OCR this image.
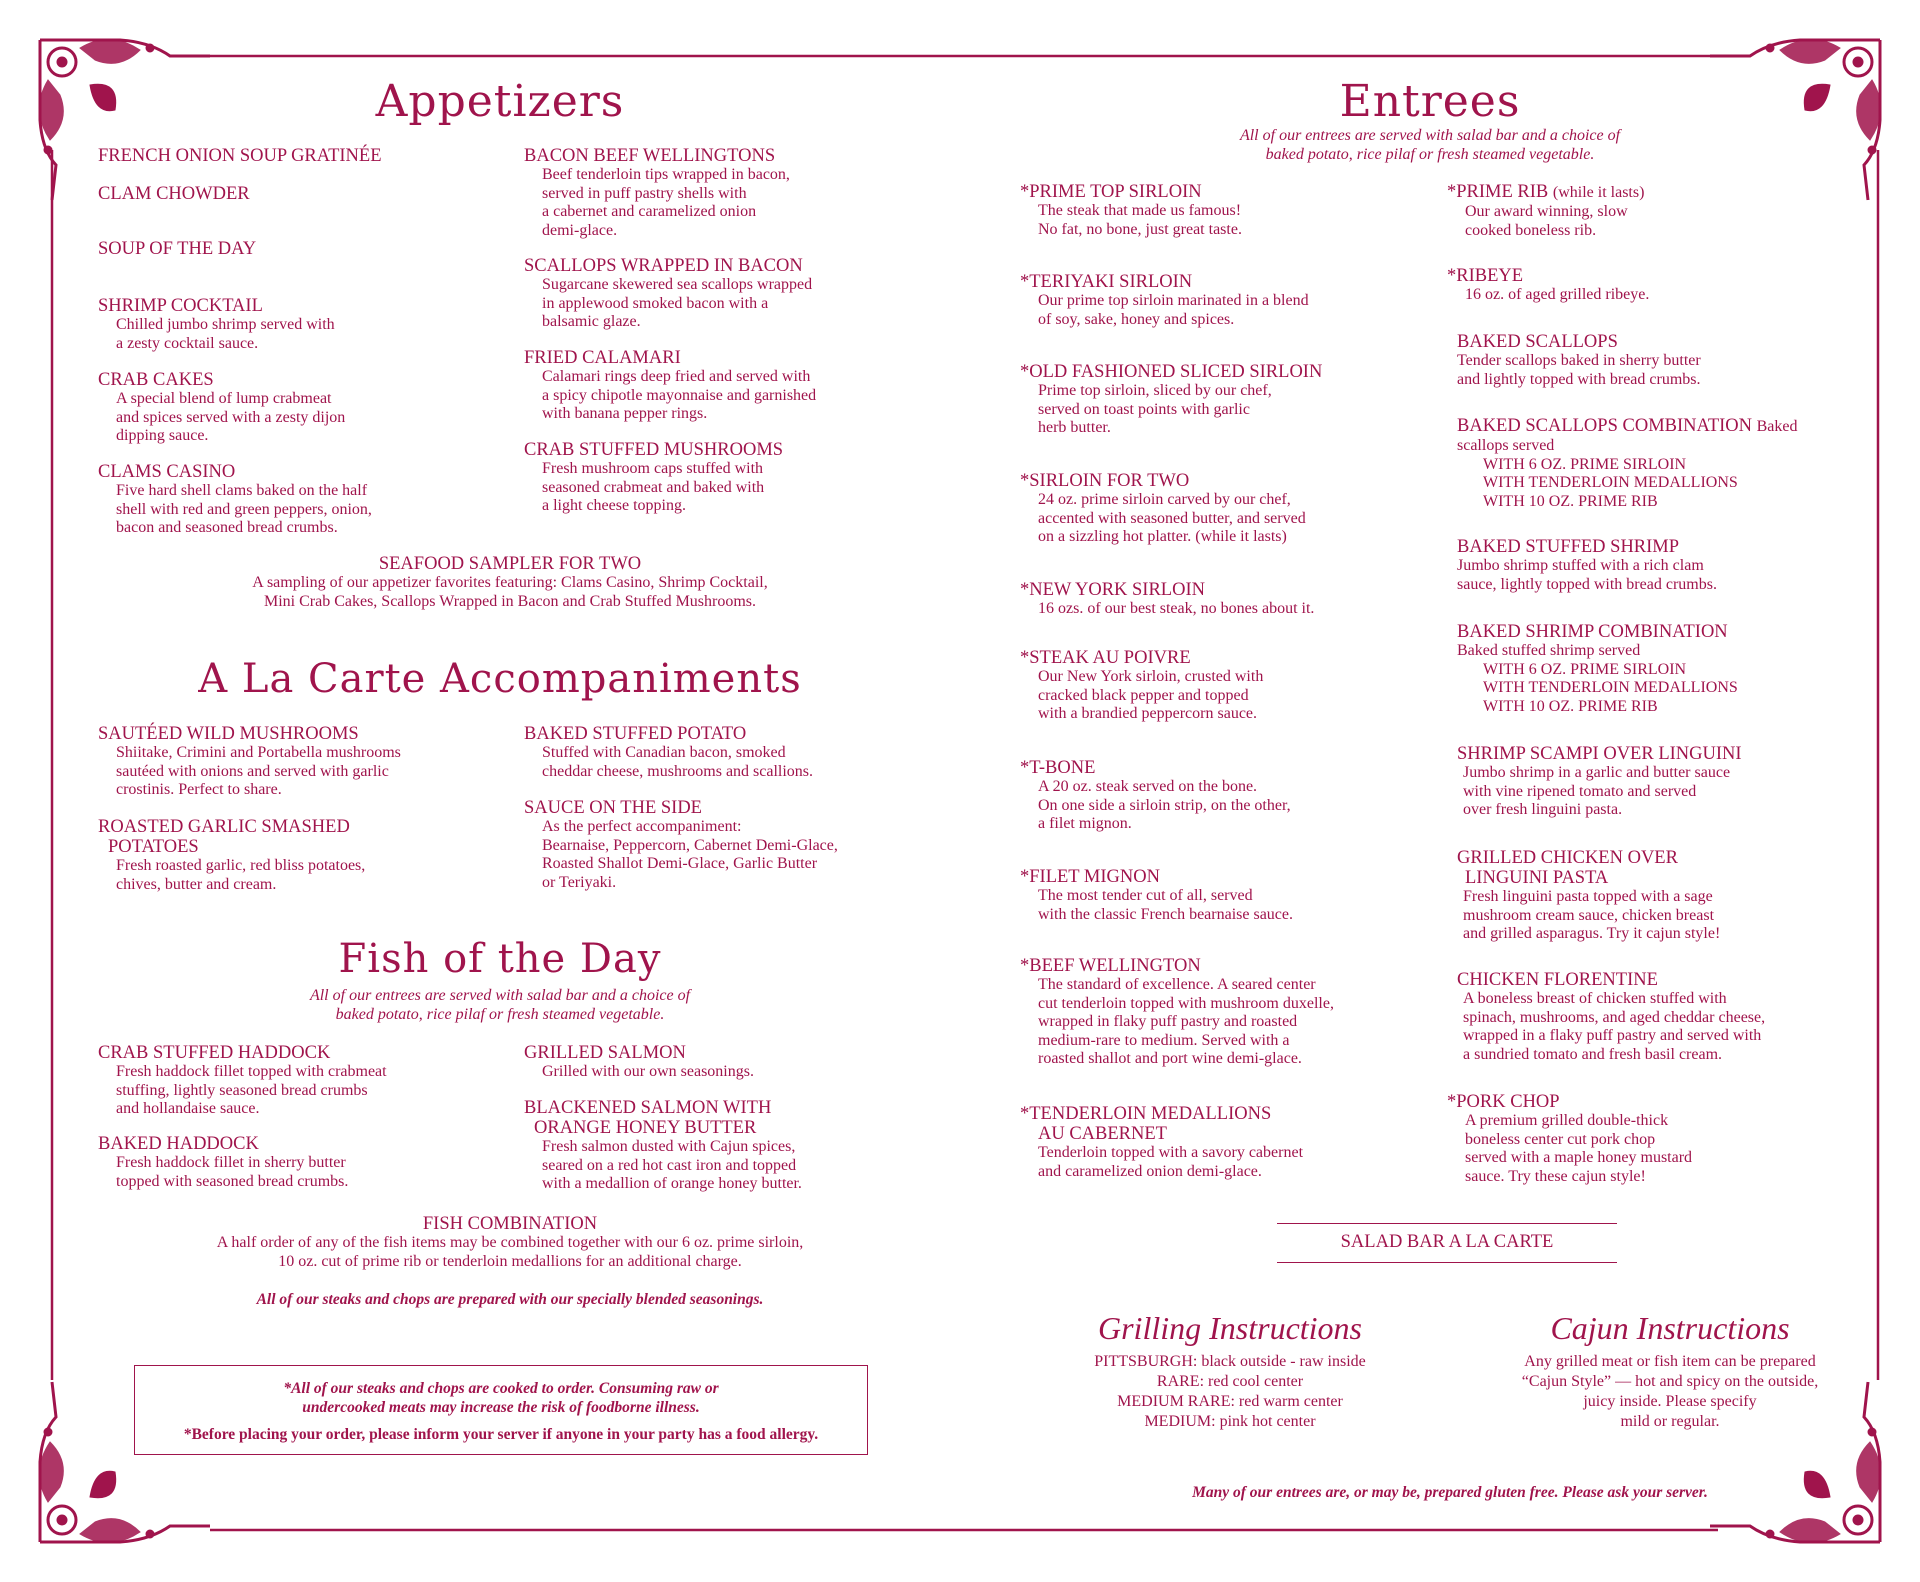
Appetizers
FRENCH ONION SOUP GRATINÉE
CLAM CHOWDER
SOUP OF THE DAY
SHRIMP COCKTAIL
Chilled jumbo shrimp served with
a zesty cocktail sauce.
CRAB CAKES
A special blend of lump crabmeat
and spices served with a zesty dijon
dipping sauce.
CLAMS CASINO
Five hard shell clams baked on the half
shell with red and green peppers, onion,
bacon and seasoned bread crumbs.
BACON BEEF WELLINGTONS
Beef tenderloin tips wrapped in bacon,
served in puff pastry shells with
a cabernet and caramelized onion
demi-glace.
SCALLOPS WRAPPED IN BACON
Sugarcane skewered sea scallops wrapped
in applewood smoked bacon with a
balsamic glaze.
FRIED CALAMARI
Calamari rings deep fried and served with
a spicy chipotle mayonnaise and garnished
with banana pepper rings.
CRAB STUFFED MUSHROOMS
Fresh mushroom caps stuffed with
seasoned crabmeat and baked with
a light cheese topping.
SEAFOOD SAMPLER FOR TWO
A sampling of our appetizer favorites featuring: Clams Casino, Shrimp Cocktail,
Mini Crab Cakes, Scallops Wrapped in Bacon and Crab Stuffed Mushrooms.
A La Carte Accompaniments
SAUTÉED WILD MUSHROOMS
Shiitake, Crimini and Portabella mushrooms
sautéed with onions and served with garlic
crostinis. Perfect to share.
ROASTED GARLIC SMASHED
POTATOES
Fresh roasted garlic, red bliss potatoes,
chives, butter and cream.
BAKED STUFFED POTATO
Stuffed with Canadian bacon, smoked
cheddar cheese, mushrooms and scallions.
SAUCE ON THE SIDE
As the perfect accompaniment:
Bearnaise, Peppercorn, Cabernet Demi-Glace,
Roasted Shallot Demi-Glace, Garlic Butter
or Teriyaki.
Fish of the Day
All of our entrees are served with salad bar and a choice of
baked potato, rice pilaf or fresh steamed vegetable.
CRAB STUFFED HADDOCK
Fresh haddock fillet topped with crabmeat
stuffing, lightly seasoned bread crumbs
and hollandaise sauce.
BAKED HADDOCK
Fresh haddock fillet in sherry butter
topped with seasoned bread crumbs.
GRILLED SALMON
Grilled with our own seasonings.
BLACKENED SALMON WITH
ORANGE HONEY BUTTER
Fresh salmon dusted with Cajun spices,
seared on a red hot cast iron and topped
with a medallion of orange honey butter.
FISH COMBINATION
A half order of any of the fish items may be combined together with our 6 oz. prime sirloin,
10 oz. cut of prime rib or tenderloin medallions for an additional charge.
All of our steaks and chops are prepared with our specially blended seasonings.
*All of our steaks and chops are cooked to order. Consuming raw or
undercooked meats may increase the risk of foodborne illness.
*Before placing your order, please inform your server if anyone in your party has a food allergy.
Entrees
All of our entrees are served with salad bar and a choice of
baked potato, rice pilaf or fresh steamed vegetable.
*PRIME TOP SIRLOIN
The steak that made us famous!
No fat, no bone, just great taste.
*TERIYAKI SIRLOIN
Our prime top sirloin marinated in a blend
of soy, sake, honey and spices.
*OLD FASHIONED SLICED SIRLOIN
Prime top sirloin, sliced by our chef,
served on toast points with garlic
herb butter.
*SIRLOIN FOR TWO
24 oz. prime sirloin carved by our chef,
accented with seasoned butter, and served
on a sizzling hot platter. (while it lasts)
*NEW YORK SIRLOIN
16 ozs. of our best steak, no bones about it.
*STEAK AU POIVRE
Our New York sirloin, crusted with
cracked black pepper and topped
with a brandied peppercorn sauce.
*T-BONE
A 20 oz. steak served on the bone.
On one side a sirloin strip, on the other,
a filet mignon.
*FILET MIGNON
The most tender cut of all, served
with the classic French bearnaise sauce.
*BEEF WELLINGTON
The standard of excellence. A seared center
cut tenderloin topped with mushroom duxelle,
wrapped in flaky puff pastry and roasted
medium-rare to medium. Served with a
roasted shallot and port wine demi-glace.
*TENDERLOIN MEDALLIONS
AU CABERNET
Tenderloin topped with a savory cabernet
and caramelized onion demi-glace.
*PRIME RIB (while it lasts)
Our award winning, slow
cooked boneless rib.
*RIBEYE
16 oz. of aged grilled ribeye.
BAKED SCALLOPS
Tender scallops baked in sherry butter
and lightly topped with bread crumbs.
BAKED SCALLOPS COMBINATION Baked
scallops served
WITH 6 OZ. PRIME SIRLOIN
WITH TENDERLOIN MEDALLIONS
WITH 10 OZ. PRIME RIB
BAKED STUFFED SHRIMP
Jumbo shrimp stuffed with a rich clam
sauce, lightly topped with bread crumbs.
BAKED SHRIMP COMBINATION
Baked stuffed shrimp served
WITH 6 OZ. PRIME SIRLOIN
WITH TENDERLOIN MEDALLIONS
WITH 10 OZ. PRIME RIB
SHRIMP SCAMPI OVER LINGUINI
Jumbo shrimp in a garlic and butter sauce
with vine ripened tomato and served
over fresh linguini pasta.
GRILLED CHICKEN OVER
LINGUINI PASTA
Fresh linguini pasta topped with a sage
mushroom cream sauce, chicken breast
and grilled asparagus. Try it cajun style!
CHICKEN FLORENTINE
A boneless breast of chicken stuffed with
spinach, mushrooms, and aged cheddar cheese,
wrapped in a flaky puff pastry and served with
a sundried tomato and fresh basil cream.
*PORK CHOP
A premium grilled double-thick
boneless center cut pork chop
served with a maple honey mustard
sauce. Try these cajun style!
SALAD BAR A LA CARTE
Grilling Instructions
PITTSBURGH: black outside - raw inside
RARE: red cool center
MEDIUM RARE: red warm center
MEDIUM: pink hot center
Cajun Instructions
Any grilled meat or fish item can be prepared
“Cajun Style” — hot and spicy on the outside,
juicy inside. Please specify
mild or regular.
Many of our entrees are, or may be, prepared gluten free. Please ask your server.
